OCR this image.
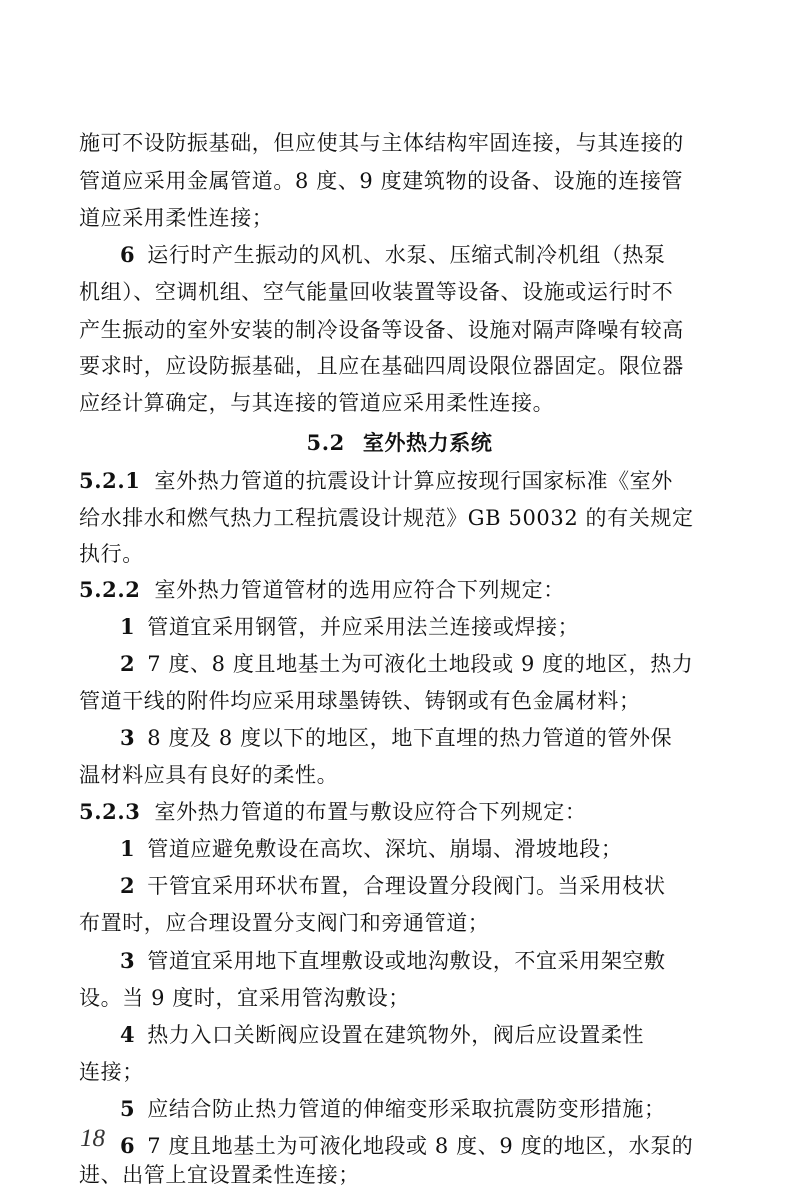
施可不设防振基础，但应使其与主体结构牢固连接，与其连接的
管道应采用金属管道。8 度、9 度建筑物的设备、设施的连接管
道应采用柔性连接；
6 运行时产生振动的风机、水泵、压缩式制冷机组（热泵
机组）、空调机组、空气能量回收装置等设备、设施或运行时不
产生振动的室外安装的制冷设备等设备、设施对隔声降噪有较高
要求时，应设防振基础，且应在基础四周设限位器固定。限位器
应经计算确定，与其连接的管道应采用柔性连接。
5.2 室外热力系统
5.2.1 室外热力管道的抗震设计计算应按现行国家标准《室外
给水排水和燃气热力工程抗震设计规范》GB 50032 的有关规定
执行。
5.2.2 室外热力管道管材的选用应符合下列规定：
1 管道宜采用钢管，并应采用法兰连接或焊接；
2 7 度、8 度且地基土为可液化土地段或 9 度的地区，热力
管道干线的附件均应采用球墨铸铁、铸钢或有色金属材料；
3 8 度及 8 度以下的地区，地下直埋的热力管道的管外保
温材料应具有良好的柔性。
5.2.3 室外热力管道的布置与敷设应符合下列规定：
1 管道应避免敷设在高坎、深坑、崩塌、滑坡地段；
2 干管宜采用环状布置，合理设置分段阀门。当采用枝状
布置时，应合理设置分支阀门和旁通管道；
3 管道宜采用地下直埋敷设或地沟敷设，不宜采用架空敷
设。当 9 度时，宜采用管沟敷设；
4 热力入口关断阀应设置在建筑物外，阀后应设置柔性
连接；
5 应结合防止热力管道的伸缩变形采取抗震防变形措施；
6 7 度且地基土为可液化地段或 8 度、9 度的地区，水泵的
进、出管上宜设置柔性连接；
18
